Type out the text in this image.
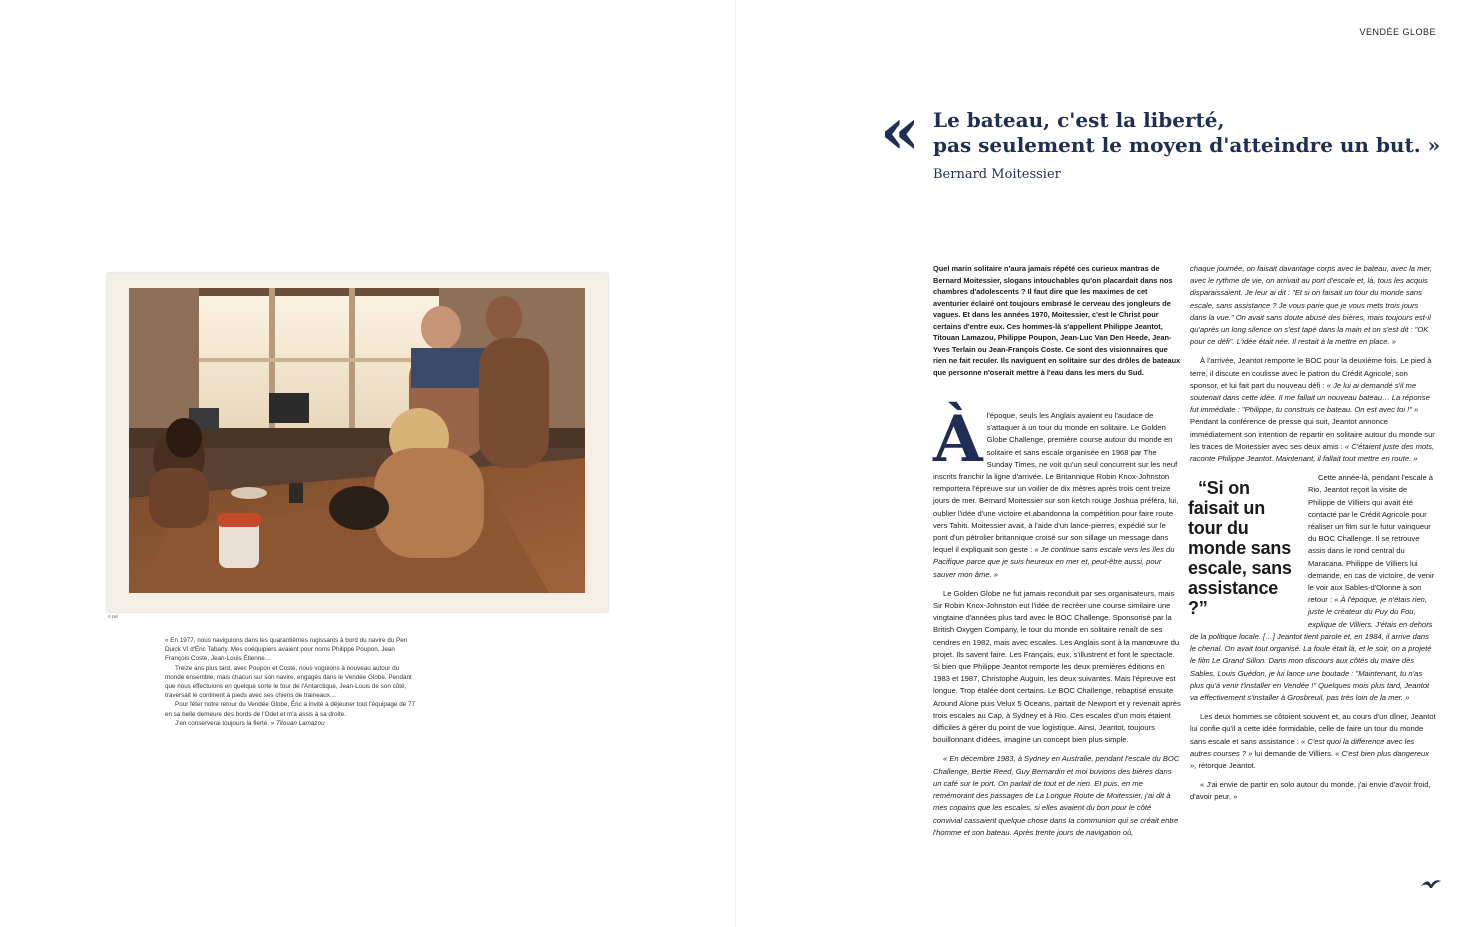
VENDÉE GLOBE
« Le bateau, c'est la liberté,
pas seulement le moyen d'atteindre un but. »
Bernard Moitessier
© DR

« En 1977, nous naviguions dans les quarantièmes rugissants à bord du navire du Pen Duick VI d'Éric Tabarly. Mes coéquipiers avaient pour noms Philippe Poupon, Jean François Coste, Jean-Louis Étienne…

Treize ans plus tard, avec Poupon et Coste, nous voguions à nouveau autour du monde ensemble, mais chacun sur son navire, engagés dans le Vendée Globe. Pendant que nous effectuions en quelque sorte le tour de l'Antarctique, Jean-Louis de son côté, traversait le continent à pieds avec ses chiens de traineaux…

Pour fêter notre retour du Vendée Globe, Éric a invité à déjeuner tout l'équipage de 77 en sa belle demeure des bords de l'Odet et m'a assis à sa droite.

J'en conserverai toujours la fierté. » Titouan Lamazou

Quel marin solitaire n'aura jamais répété ces curieux mantras de Bernard Moitessier, slogans intouchables qu'on placardait dans nos chambres d'adolescents ? Il faut dire que les maximes de cet aventurier éclairé ont toujours embrasé le cerveau des jongleurs de vagues. Et dans les années 1970, Moitessier, c'est le Christ pour certains d'entre eux. Ces hommes-là s'appellent Philippe Jeantot, Titouan Lamazou, Philippe Poupon, Jean-Luc Van Den Heede, Jean-Yves Terlain ou Jean-François Coste. Ce sont des visionnaires que rien ne fait reculer. Ils naviguent en solitaire sur des drôles de bateaux que personne n'oserait mettre à l'eau dans les mers du Sud.

À l'époque, seuls les Anglais avaient eu l'audace de s'attaquer à un tour du monde en solitaire. Le Golden Globe Challenge, première course autour du monde en solitaire et sans escale organisée en 1968 par The Sunday Times, ne voit qu'un seul concurrent sur les neuf inscrits franchir la ligne d'arrivée. Le Britannique Robin Knox-Johnston remportera l'épreuve sur un voilier de dix mètres après trois cent treize jours de mer. Bernard Moitessier sur son ketch rouge Joshua préféra, lui, oublier l'idée d'une victoire et abandonna la compétition pour faire route vers Tahiti. Moitessier avait, à l'aide d'un lance-pierres, expédié sur le pont d'un pétrolier britannique croisé sur son sillage un message dans lequel il expliquait son geste : « Je continue sans escale vers les îles du Pacifique parce que je suis heureux en mer et, peut-être aussi, pour sauver mon âme. »

Le Golden Globe ne fut jamais reconduit par ses organisateurs, mais Sir Robin Knox-Johnston eut l'idée de recréer une course similaire une vingtaine d'années plus tard avec le BOC Challenge. Sponsorisé par la British Oxygen Company, le tour du monde en solitaire renaît de ses cendres en 1982, mais avec escales. Les Anglais sont à la manœuvre du projet. Ils savent faire. Les Français, eux, s'illustrent et font le spectacle. Si bien que Philippe Jeantot remporte les deux premières éditions en 1983 et 1987, Christophe Auguin, les deux suivantes. Mais l'épreuve est longue. Trop étalée dont certains. Le BOC Challenge, rebaptisé ensuite Around Alone puis Velux 5 Oceans, partait de Newport et y revenait après trois escales au Cap, à Sydney et à Rio. Ces escales d'un mois étaient difficiles à gérer du point de vue logistique. Ainsi, Jeantot, toujours bouillonnant d'idées, imagine un concept bien plus simple.

« En décembre 1983, à Sydney en Australie, pendant l'escale du BOC Challenge, Bertie Reed, Guy Bernardin et moi buvions des bières dans un café sur le port. On parlait de tout et de rien. Et puis, en me remémorant des passages de La Longue Route de Moitessier, j'ai dit à mes copains que les escales, si elles avaient du bon pour le côté convivial cassaient quelque chose dans la communion qui se créait entre l'homme et son bateau. Après trente jours de navigation où,

chaque journée, on faisait davantage corps avec le bateau, avec la mer, avec le rythme de vie, on arrivait au port d'escale et, là, tous les acquis disparaissaient. Je leur ai dit : "Et si on faisait un tour du monde sans escale, sans assistance ? Je vous parie que je vous mets trois jours dans la vue." On avait sans doute abusé des bières, mais toujours est-il qu'après un long silence on s'est tapé dans la main et on s'est dit : "OK pour ce défi". L'idée était née. Il restait à la mettre en place. »

À l'arrivée, Jeantot remporte le BOC pour la deuxième fois. Le pied à terre, il discute en coulisse avec le patron du Crédit Agricole, son sponsor, et lui fait part du nouveau défi : « Je lui ai demandé s'il me soutenait dans cette idée. Il me fallait un nouveau bateau… La réponse fut immédiate : "Philippe, tu construis ce bateau. On est avec toi !" » Pendant la conférence de presse qui suit, Jeantot annonce immédiatement son intention de repartir en solitaire autour du monde sur les traces de Moitessier avec ses deux amis : « C'étaient juste des mots, raconte Philippe Jeantot. Maintenant, il fallait tout mettre en route. »

“Si on faisait un tour du monde sans escale, sans assistance ?”
Cette année-là, pendant l'escale à Rio, Jeantot reçoit la visite de Philippe de Villiers qui avait été contacté par le Crédit Agricole pour réaliser un film sur le futur vainqueur du BOC Challenge. Il se retrouve assis dans le rond central du Maracana. Philippe de Villiers lui demande, en cas de victoire, de venir le voir aux Sables-d'Olonne à son retour : « À l'époque, je n'étais rien, juste le créateur du Puy du Fou, explique de Villiers. J'étais en dehors de la politique locale. […] Jeantot tient parole et, en 1984, il arrive dans le chenal. On avait tout organisé. La foule était là, et le soir, on a projeté le film Le Grand Sillon. Dans mon discours aux côtés du maire des Sables, Louis Guédon, je lui lance une boutade : "Maintenant, tu n'as plus qu'à venir t'installer en Vendée !" Quelques mois plus tard, Jeantot va effectivement s'installer à Grosbreuil, pas très loin de la mer. »

Les deux hommes se côtoient souvent et, au cours d'un dîner, Jeantot lui confie qu'il a cette idée formidable, celle de faire un tour du monde sans escale et sans assistance : « C'est quoi la différence avec les autres courses ? » lui demande de Villiers. « C'est bien plus dangereux », rétorque Jeantot.

« J'ai envie de partir en solo autour du monde, j'ai envie d'avoir froid, d'avoir peur. »
